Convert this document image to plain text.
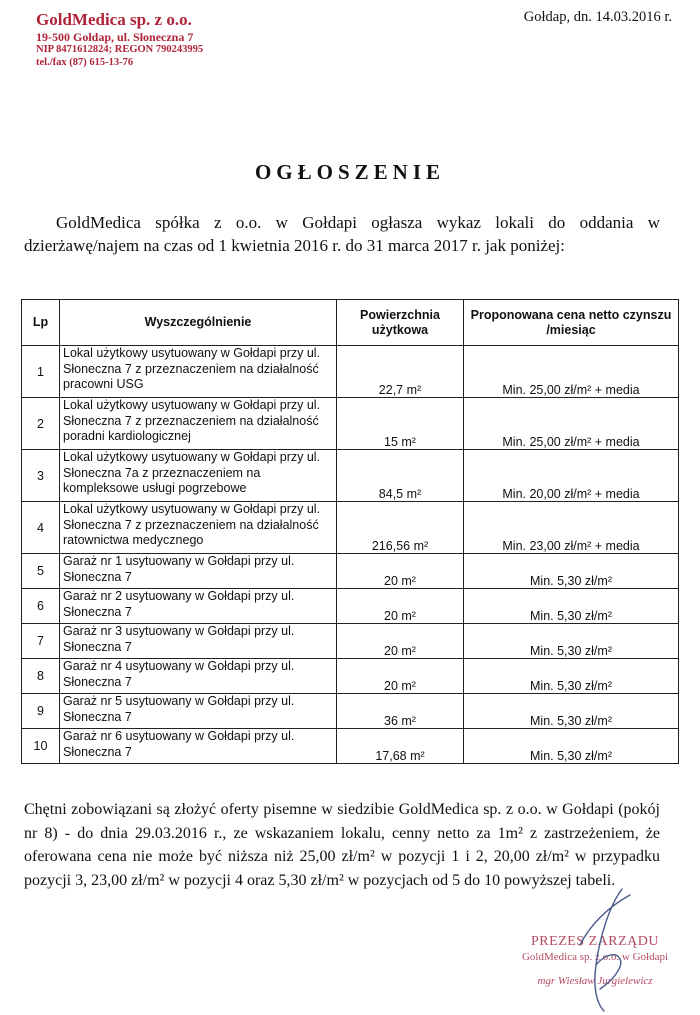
GoldMedica sp. z o.o.
19-500 Gołdap, ul. Słoneczna 7
NIP 8471612824; REGON 790243995
tel./fax (87) 615-13-76
Gołdap, dn. 14.03.2016 r.
OGŁOSZENIE
GoldMedica spółka z o.o. w Gołdapi ogłasza wykaz lokali do oddania w dzierżawę/najem na czas od 1 kwietnia 2016 r. do 31 marca 2017 r. jak poniżej:
Lp	Wyszczególnienie	Powierzchnia użytkowa	Proponowana cena netto czynszu /miesiąc
1	Lokal użytkowy usytuowany w Gołdapi przy ul. Słoneczna 7 z przeznaczeniem na działalność pracowni USG	22,7 m²	Min. 25,00 zł/m² + media
2	Lokal użytkowy usytuowany w Gołdapi przy ul. Słoneczna 7 z przeznaczeniem na działalność poradni kardiologicznej	15 m²	Min. 25,00 zł/m² + media
3	Lokal użytkowy usytuowany w Gołdapi przy ul. Słoneczna 7a z przeznaczeniem na kompleksowe usługi pogrzebowe	84,5 m²	Min. 20,00 zł/m² + media
4	Lokal użytkowy usytuowany w Gołdapi przy ul. Słoneczna 7 z przeznaczeniem na działalność ratownictwa medycznego	216,56 m²	Min. 23,00 zł/m² + media
5	Garaż nr 1 usytuowany w Gołdapi przy ul. Słoneczna 7	20 m²	Min. 5,30 zł/m²
6	Garaż nr 2 usytuowany w Gołdapi przy ul. Słoneczna 7	20 m²	Min. 5,30 zł/m²
7	Garaż nr 3 usytuowany w Gołdapi przy ul. Słoneczna 7	20 m²	Min. 5,30 zł/m²
8	Garaż nr 4 usytuowany w Gołdapi przy ul. Słoneczna 7	20 m²	Min. 5,30 zł/m²
9	Garaż nr 5 usytuowany w Gołdapi przy ul. Słoneczna 7	36 m²	Min. 5,30 zł/m²
10	Garaż nr 6 usytuowany w Gołdapi przy ul. Słoneczna 7	17,68 m²	Min. 5,30 zł/m²
Chętni zobowiązani są złożyć oferty pisemne w siedzibie GoldMedica sp. z o.o. w Gołdapi (pokój nr 8) - do dnia 29.03.2016 r., ze wskazaniem lokalu, cenny netto za 1m² z zastrzeżeniem, że oferowana cena nie może być niższa niż 25,00 zł/m² w pozycji 1 i 2, 20,00 zł/m² w przypadku pozycji 3, 23,00 zł/m² w pozycji 4 oraz 5,30 zł/m² w pozycjach od 5 do 10 powyższej tabeli.
PREZES ZARZĄDU
GoldMedica sp. z o.o. w Gołdapi
mgr Wiesław Jurgielewicz
